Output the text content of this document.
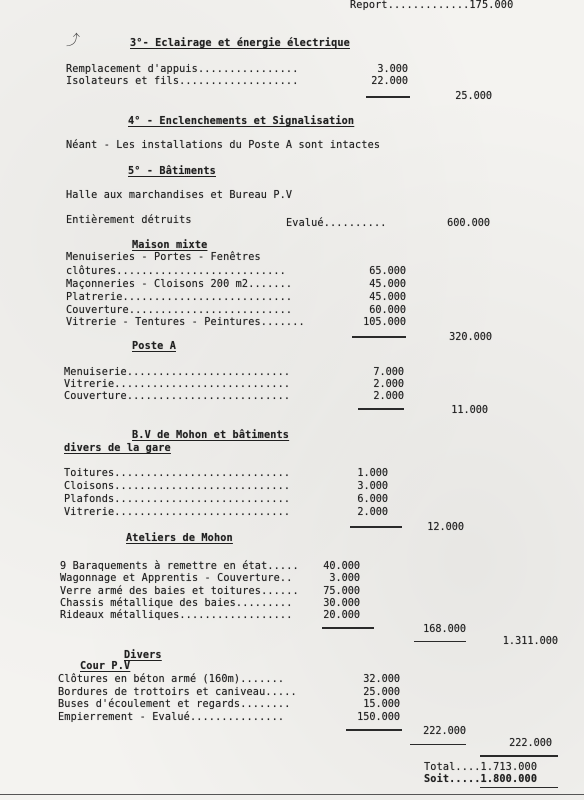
Report.............175.000
⤴	3°- Eclairage et énergie électrique
Remplacement d'appuis................	3.000
Isolateurs et fils...................	22.000
25.000
4° - Enclenchements et Signalisation
Néant - Les installations du Poste A sont intactes
5° - Bâtiments
Halle aux marchandises et Bureau P.V
Entièrement détruits	Evalué..........	600.000
Maison mixte
Menuiseries - Portes - Fenêtres
clôtures...........................	65.000
Maçonneries - Cloisons 200 m2.......	45.000
Platrerie...........................	45.000
Couverture..........................	60.000
Vitrerie - Tentures - Peintures.......	105.000
320.000
Poste A
Menuiserie..........................	7.000
Vitrerie............................	2.000
Couverture..........................	2.000
11.000
B.V de Mohon et bâtiments
divers de la gare
Toitures............................	1.000
Cloisons............................	3.000
Plafonds............................	6.000
Vitrerie............................	2.000
12.000
Ateliers de Mohon
9 Baraquements à remettre en état.....	40.000
Wagonnage et Apprentis - Couverture..	3.000
Verre armé des baies et toitures......	75.000
Chassis métallique des baies.........	30.000
Rideaux métalliques..................	20.000
168.000
1.311.000
Divers
Cour P.V
Clôtures en béton armé (160m).......	32.000
Bordures de trottoirs et caniveau.....	25.000
Buses d'écoulement et regards........	15.000
Empierrement - Evalué...............	150.000
222.000
222.000
Total....1.713.000
Soit.....1.800.000
